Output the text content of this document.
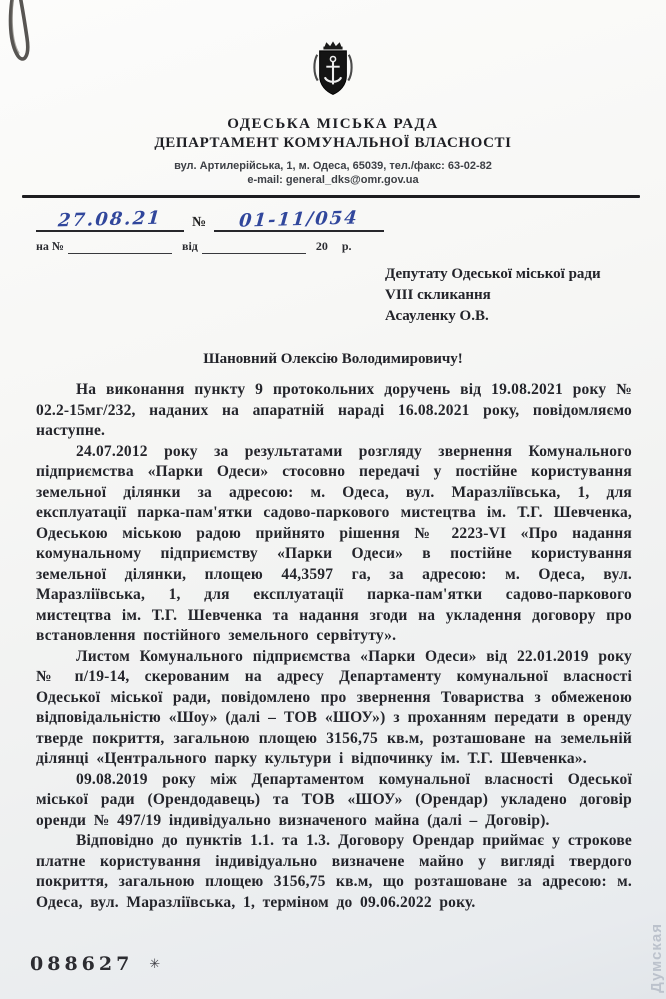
ОДЕСЬКА МІСЬКА РАДА
ДЕПАРТАМЕНТ КОМУНАЛЬНОЇ ВЛАСНОСТІ
вул. Артилерійська, 1, м. Одеса, 65039, тел./факс: 63-02-82
e-mail: general_dks@omr.gov.ua
27.08.21	№	01-11/054
на №	від	20 р.
Депутату Одеської міської ради
VIII скликання
Асауленку О.В.
Шановний Олексію Володимировичу!

На виконання пункту 9 протокольних доручень від 19.08.2021 року № 02.2-15мг/232, наданих на апаратній нараді 16.08.2021 року, повідомляємо наступне.

24.07.2012 року за результатами розгляду звернення Комунального підприємства «Парки Одеси» стосовно передачі у постійне користування земельної ділянки за адресою: м. Одеса, вул. Маразліївська, 1, для експлуатації парка-пам'ятки садово-паркового мистецтва ім. Т.Г. Шевченка, Одеською міською радою прийнято рішення № 2223-VI «Про надання комунальному підприємству «Парки Одеси» в постійне користування земельної ділянки, площею 44,3597 га, за адресою: м. Одеса, вул. Маразліївська, 1, для експлуатації парка-пам'ятки садово-паркового мистецтва ім. Т.Г. Шевченка та надання згоди на укладення договору про встановлення постійного земельного сервітуту».

Листом Комунального підприємства «Парки Одеси» від 22.01.2019 року № п/19-14, скерованим на адресу Департаменту комунальної власності Одеської міської ради, повідомлено про звернення Товариства з обмеженою відповідальністю «Шоу» (далі – ТОВ «ШОУ») з проханням передати в оренду тверде покриття, загальною площею 3156,75 кв.м, розташоване на земельній ділянці «Центрального парку культури і відпочинку ім. Т.Г. Шевченка».

09.08.2019 року між Департаментом комунальної власності Одеської міської ради (Орендодавець) та ТОВ «ШОУ» (Орендар) укладено договір оренди № 497/19 індивідуально визначеного майна (далі – Договір).

Відповідно до пунктів 1.1. та 1.3. Договору Орендар приймає у строкове платне користування індивідуально визначене майно у вигляді твердого покриття, загальною площею 3156,75 кв.м, що розташоване за адресою: м. Одеса, вул. Маразліївська, 1, терміном до 09.06.2022 року.

088627 ✳	Думская
